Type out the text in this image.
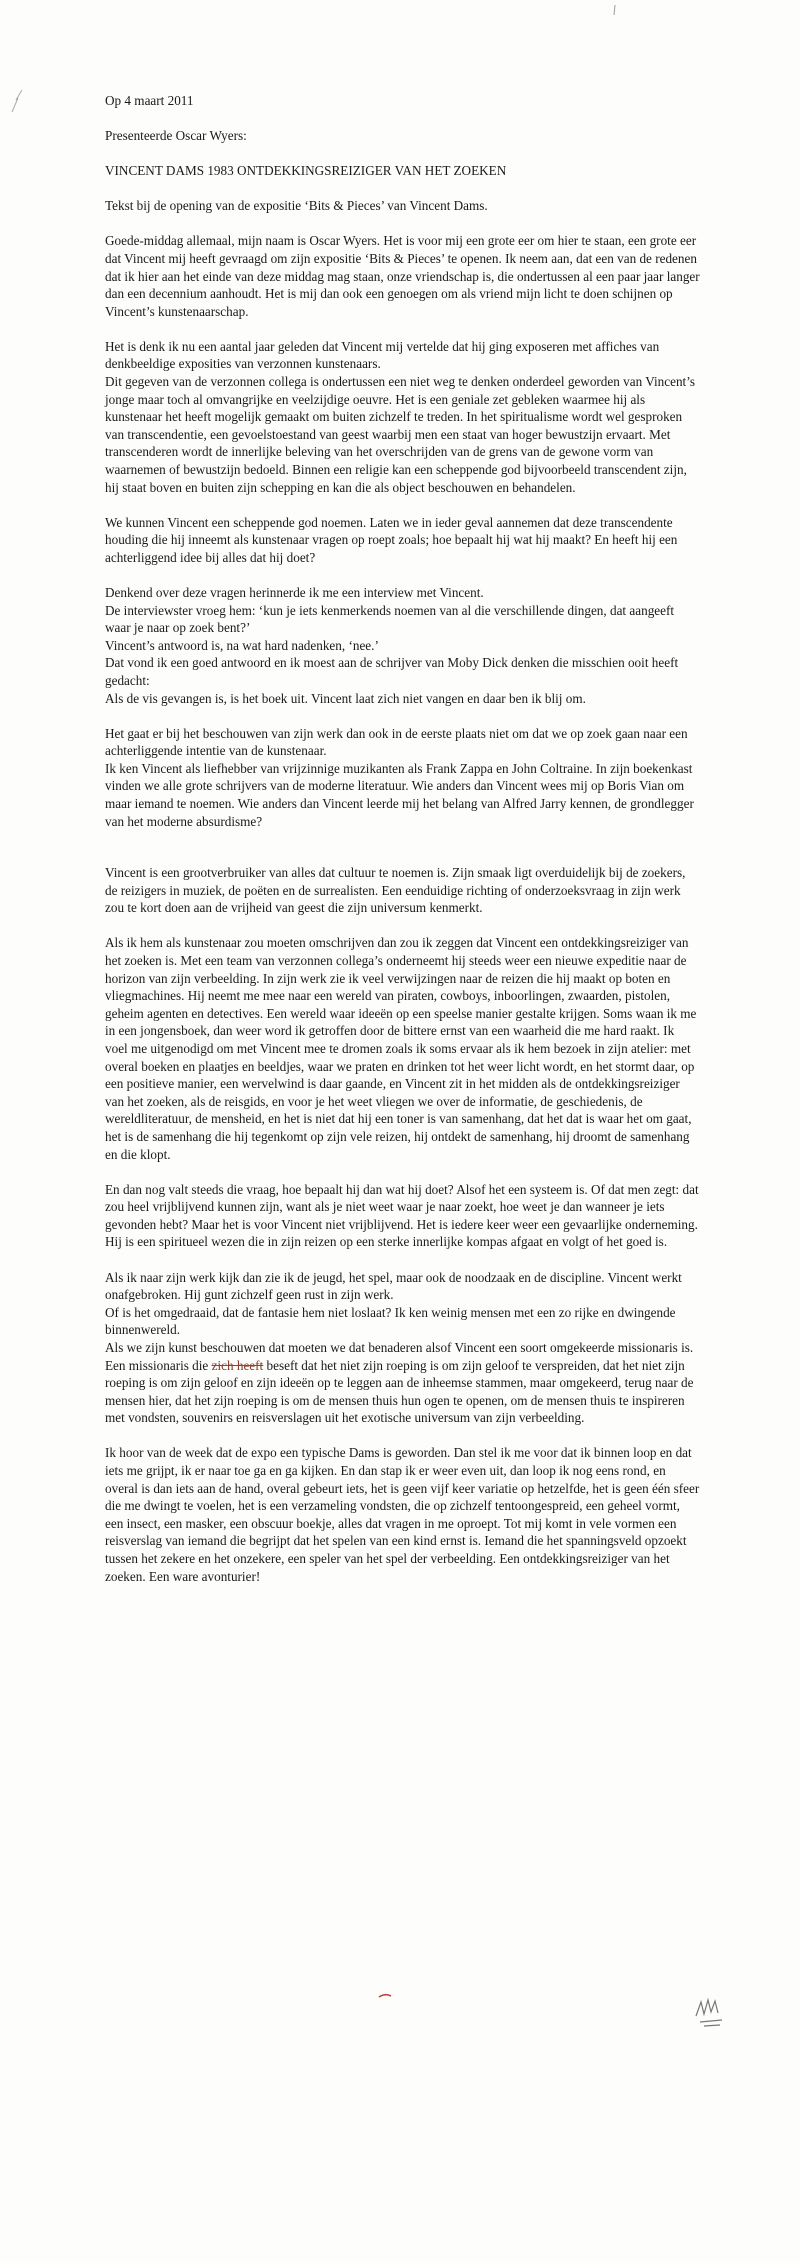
Op 4 maart 2011

Presenteerde Oscar Wyers:

VINCENT DAMS 1983 ONTDEKKINGSREIZIGER VAN HET ZOEKEN

Tekst bij de opening van de expositie ‘Bits & Pieces’ van Vincent Dams.

Goede-middag allemaal, mijn naam is Oscar Wyers. Het is voor mij een grote eer om hier te staan, een grote eer dat Vincent mij heeft gevraagd om zijn expositie ‘Bits & Pieces’ te openen. Ik neem aan, dat een van de redenen dat ik hier aan het einde van deze middag mag staan, onze vriendschap is, die ondertussen al een paar jaar langer dan een decennium aanhoudt. Het is mij dan ook een genoegen om als vriend mijn licht te doen schijnen op Vincent’s kunstenaarschap.

Het is denk ik nu een aantal jaar geleden dat Vincent mij vertelde dat hij ging exposeren met affiches van denkbeeldige exposities van verzonnen kunstenaars.
Dit gegeven van de verzonnen collega is ondertussen een niet weg te denken onderdeel geworden van Vincent’s jonge maar toch al omvangrijke en veelzijdige oeuvre. Het is een geniale zet gebleken waarmee hij als kunstenaar het heeft mogelijk gemaakt om buiten zichzelf te treden. In het spiritualisme wordt wel gesproken van transcendentie, een gevoelstoestand van geest waarbij men een staat van hoger bewustzijn ervaart. Met transcenderen wordt de innerlijke beleving van het overschrijden van de grens van de gewone vorm van waarnemen of bewustzijn bedoeld. Binnen een religie kan een scheppende god bijvoorbeeld transcendent zijn, hij staat boven en buiten zijn schepping en kan die als object beschouwen en behandelen.

We kunnen Vincent een scheppende god noemen. Laten we in ieder geval aannemen dat deze transcendente houding die hij inneemt als kunstenaar vragen op roept zoals; hoe bepaalt hij wat hij maakt? En heeft hij een achterliggend idee bij alles dat hij doet?

Denkend over deze vragen herinnerde ik me een interview met Vincent.
De interviewster vroeg hem: ‘kun je iets kenmerkends noemen van al die verschillende dingen, dat aangeeft waar je naar op zoek bent?’
Vincent’s antwoord is, na wat hard nadenken, ‘nee.’
Dat vond ik een goed antwoord en ik moest aan de schrijver van Moby Dick denken die misschien ooit heeft gedacht:
Als de vis gevangen is, is het boek uit. Vincent laat zich niet vangen en daar ben ik blij om.

Het gaat er bij het beschouwen van zijn werk dan ook in de eerste plaats niet om dat we op zoek gaan naar een achterliggende intentie van de kunstenaar.
Ik ken Vincent als liefhebber van vrijzinnige muzikanten als Frank Zappa en John Coltraine. In zijn boekenkast vinden we alle grote schrijvers van de moderne literatuur. Wie anders dan Vincent wees mij op Boris Vian om maar iemand te noemen. Wie anders dan Vincent leerde mij het belang van Alfred Jarry kennen, de grondlegger van het moderne absurdisme?

Vincent is een grootverbruiker van alles dat cultuur te noemen is. Zijn smaak ligt overduidelijk bij de zoekers, de reizigers in muziek, de poëten en de surrealisten. Een eenduidige richting of onderzoeksvraag in zijn werk zou te kort doen aan de vrijheid van geest die zijn universum kenmerkt.

Als ik hem als kunstenaar zou moeten omschrijven dan zou ik zeggen dat Vincent een ontdekkingsreiziger van het zoeken is. Met een team van verzonnen collega’s onderneemt hij steeds weer een nieuwe expeditie naar de horizon van zijn verbeelding. In zijn werk zie ik veel verwijzingen naar de reizen die hij maakt op boten en vliegmachines. Hij neemt me mee naar een wereld van piraten, cowboys, inboorlingen, zwaarden, pistolen, geheim agenten en detectives. Een wereld waar ideeën op een speelse manier gestalte krijgen. Soms waan ik me in een jongensboek, dan weer word ik getroffen door de bittere ernst van een waarheid die me hard raakt. Ik voel me uitgenodigd om met Vincent mee te dromen zoals ik soms ervaar als ik hem bezoek in zijn atelier: met overal boeken en plaatjes en beeldjes, waar we praten en drinken tot het weer licht wordt, en het stormt daar, op een positieve manier, een wervelwind is daar gaande, en Vincent zit in het midden als de ontdekkingsreiziger van het zoeken, als de reisgids, en voor je het weet vliegen we over de informatie, de geschiedenis, de wereldliteratuur, de mensheid, en het is niet dat hij een toner is van samenhang, dat het dat is waar het om gaat, het is de samenhang die hij tegenkomt op zijn vele reizen, hij ontdekt de samenhang, hij droomt de samenhang en die klopt.

En dan nog valt steeds die vraag, hoe bepaalt hij dan wat hij doet? Alsof het een systeem is. Of dat men zegt: dat zou heel vrijblijvend kunnen zijn, want als je niet weet waar je naar zoekt, hoe weet je dan wanneer je iets gevonden hebt? Maar het is voor Vincent niet vrijblijvend. Het is iedere keer weer een gevaarlijke onderneming. Hij is een spiritueel wezen die in zijn reizen op een sterke innerlijke kompas afgaat en volgt of het goed is.

Als ik naar zijn werk kijk dan zie ik de jeugd, het spel, maar ook de noodzaak en de discipline. Vincent werkt onafgebroken. Hij gunt zichzelf geen rust in zijn werk.
Of is het omgedraaid, dat de fantasie hem niet loslaat? Ik ken weinig mensen met een zo rijke en dwingende binnenwereld.
Als we zijn kunst beschouwen dat moeten we dat benaderen alsof Vincent een soort omgekeerde missionaris is. Een missionaris die zich heeft beseft dat het niet zijn roeping is om zijn geloof te verspreiden, dat het niet zijn roeping is om zijn geloof en zijn ideeën op te leggen aan de inheemse stammen, maar omgekeerd, terug naar de mensen hier, dat het zijn roeping is om de mensen thuis hun ogen te openen, om de mensen thuis te inspireren met vondsten, souvenirs en reisverslagen uit het exotische universum van zijn verbeelding.

Ik hoor van de week dat de expo een typische Dams is geworden. Dan stel ik me voor dat ik binnen loop en dat iets me grijpt, ik er naar toe ga en ga kijken. En dan stap ik er weer even uit, dan loop ik nog eens rond, en overal is dan iets aan de hand, overal gebeurt iets, het is geen vijf keer variatie op hetzelfde, het is geen één sfeer die me dwingt te voelen, het is een verzameling vondsten, die op zichzelf tentoongespreid, een geheel vormt, een insect, een masker, een obscuur boekje, alles dat vragen in me oproept. Tot mij komt in vele vormen een reisverslag van iemand die begrijpt dat het spelen van een kind ernst is. Iemand die het spanningsveld opzoekt tussen het zekere en het onzekere, een speler van het spel der verbeelding. Een ontdekkingsreiziger van het zoeken. Een ware avonturier!
